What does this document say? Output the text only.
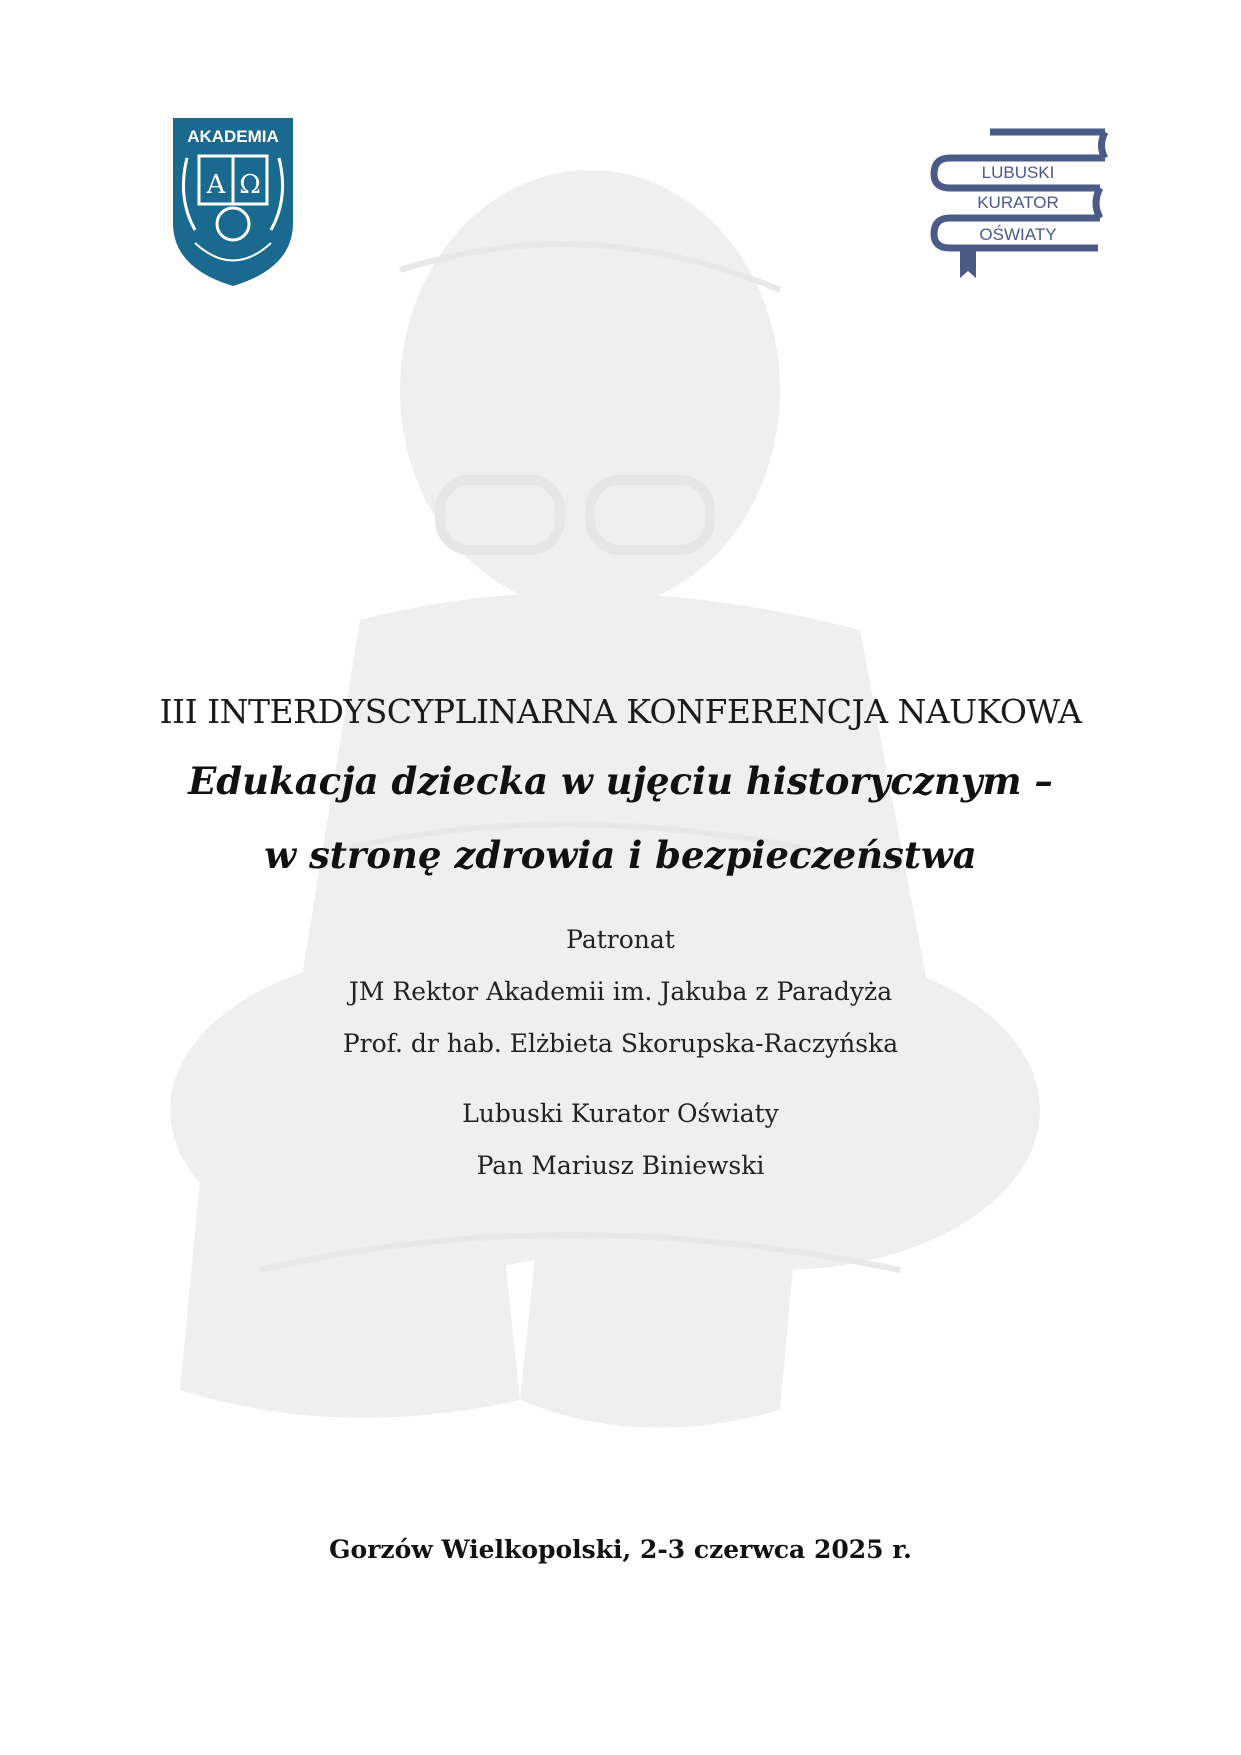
AKADEMIA
Α Ω	LUBUSKI
KURATOR
OŚWIATY
III INTERDYSCYPLINARNA KONFERENCJA NAUKOWA
Edukacja dziecka w ujęciu historycznym –
w stronę zdrowia i bezpieczeństwa
Patronat
JM Rektor Akademii im. Jakuba z Paradyża
Prof. dr hab. Elżbieta Skorupska-Raczyńska
Lubuski Kurator Oświaty
Pan Mariusz Biniewski
Gorzów Wielkopolski, 2-3 czerwca 2025 r.
